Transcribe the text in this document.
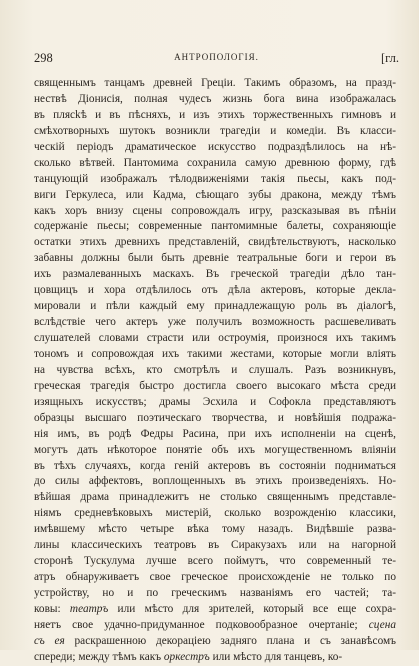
298	АНТРОПОЛОГІЯ.	[гл.
священнымъ танцамъ древней Греціи. Такимъ образомъ, на празд-
нествѣ Діонисія, полная чудесъ жизнь бога вина изображалась
въ плясkѣ и въ пѣсняхъ, и изъ этихъ торжественныхъ гимновъ и
смѣхотворныхъ шутокъ возникли трагедіи и комедіи. Въ класси-
ческій періодъ драматическое искусство подраздѣлилось на нѣ-
сколько вѣтвей. Пантомима сохранила самую древнюю форму, гдѣ
танцующій изображалъ тѣлодвиженіями такія пьесы, какъ под-
виги Геркулеса, или Кадма, сѣющаго зубы дракона, между тѣмъ
какъ хоръ внизу сцены сопровождалъ игру, разсказывая въ пѣніи
содержаніе пьесы; современные пантомимные балеты, сохраняющіе
остатки этихъ древнихъ представленій, свидѣтельствуютъ, насколько
забавны должны были быть древніе театральные боги и герои въ
ихъ размалеванныхъ маскахъ. Въ греческой трагедіи дѣло тан-
цовщицъ и хора отдѣлилось отъ дѣла актеровъ, которые декла-
мировали и пѣли каждый ему принадлежащую роль въ діалогѣ,
вслѣдствіе чего актеръ уже получилъ возможность расшевеливать
слушателей словами страсти или остроумія, произнося ихъ такимъ
тономъ и сопровождая ихъ такими жестами, которые могли вліять
на чувства всѣхъ, кто смотрѣлъ и слушалъ. Разъ возникнувъ,
греческая трагедія быстро достигла своего высокаго мѣста среди
изящныхъ искусствъ; драмы Эсхила и Софокла представляютъ
образцы высшаго поэтическаго творчества, и новѣйшія подража-
нія имъ, въ родѣ Федры Расина, при ихъ исполненіи на сценѣ,
могутъ дать нѣкоторое понятіе объ ихъ могущественномъ вліяніи
въ тѣхъ случаяхъ, когда геній актеровъ въ состояніи подниматься
до силы аффектовъ, воплощенныхъ въ этихъ произведеніяхъ. Но-
вѣйшая драма принадлежитъ не столько священнымъ представле-
ніямъ средневѣковыхъ мистерій, сколько возрожденію классики,
имѣвшему мѣсто четыре вѣка тому назадъ. Видѣвшіе разва-
лины классическихъ театровъ въ Сиракузахъ или на нагорной
сторонѣ Тускулума лучше всего поймутъ, что современный те-
атръ обнаруживаетъ свое греческое происхожденіе не только по
устройству, но и по греческимъ названіямъ его частей; та-
ковы: театръ или мѣсто для зрителей, который все еще сохра-
няетъ свое удачно-придуманное подковообразное очертаніе; сцена
съ ея раскрашенною декораціею задняго плана и съ занавѣсомъ
спереди; между тѣмъ какъ оркестръ или мѣсто для танцевъ, ко-
